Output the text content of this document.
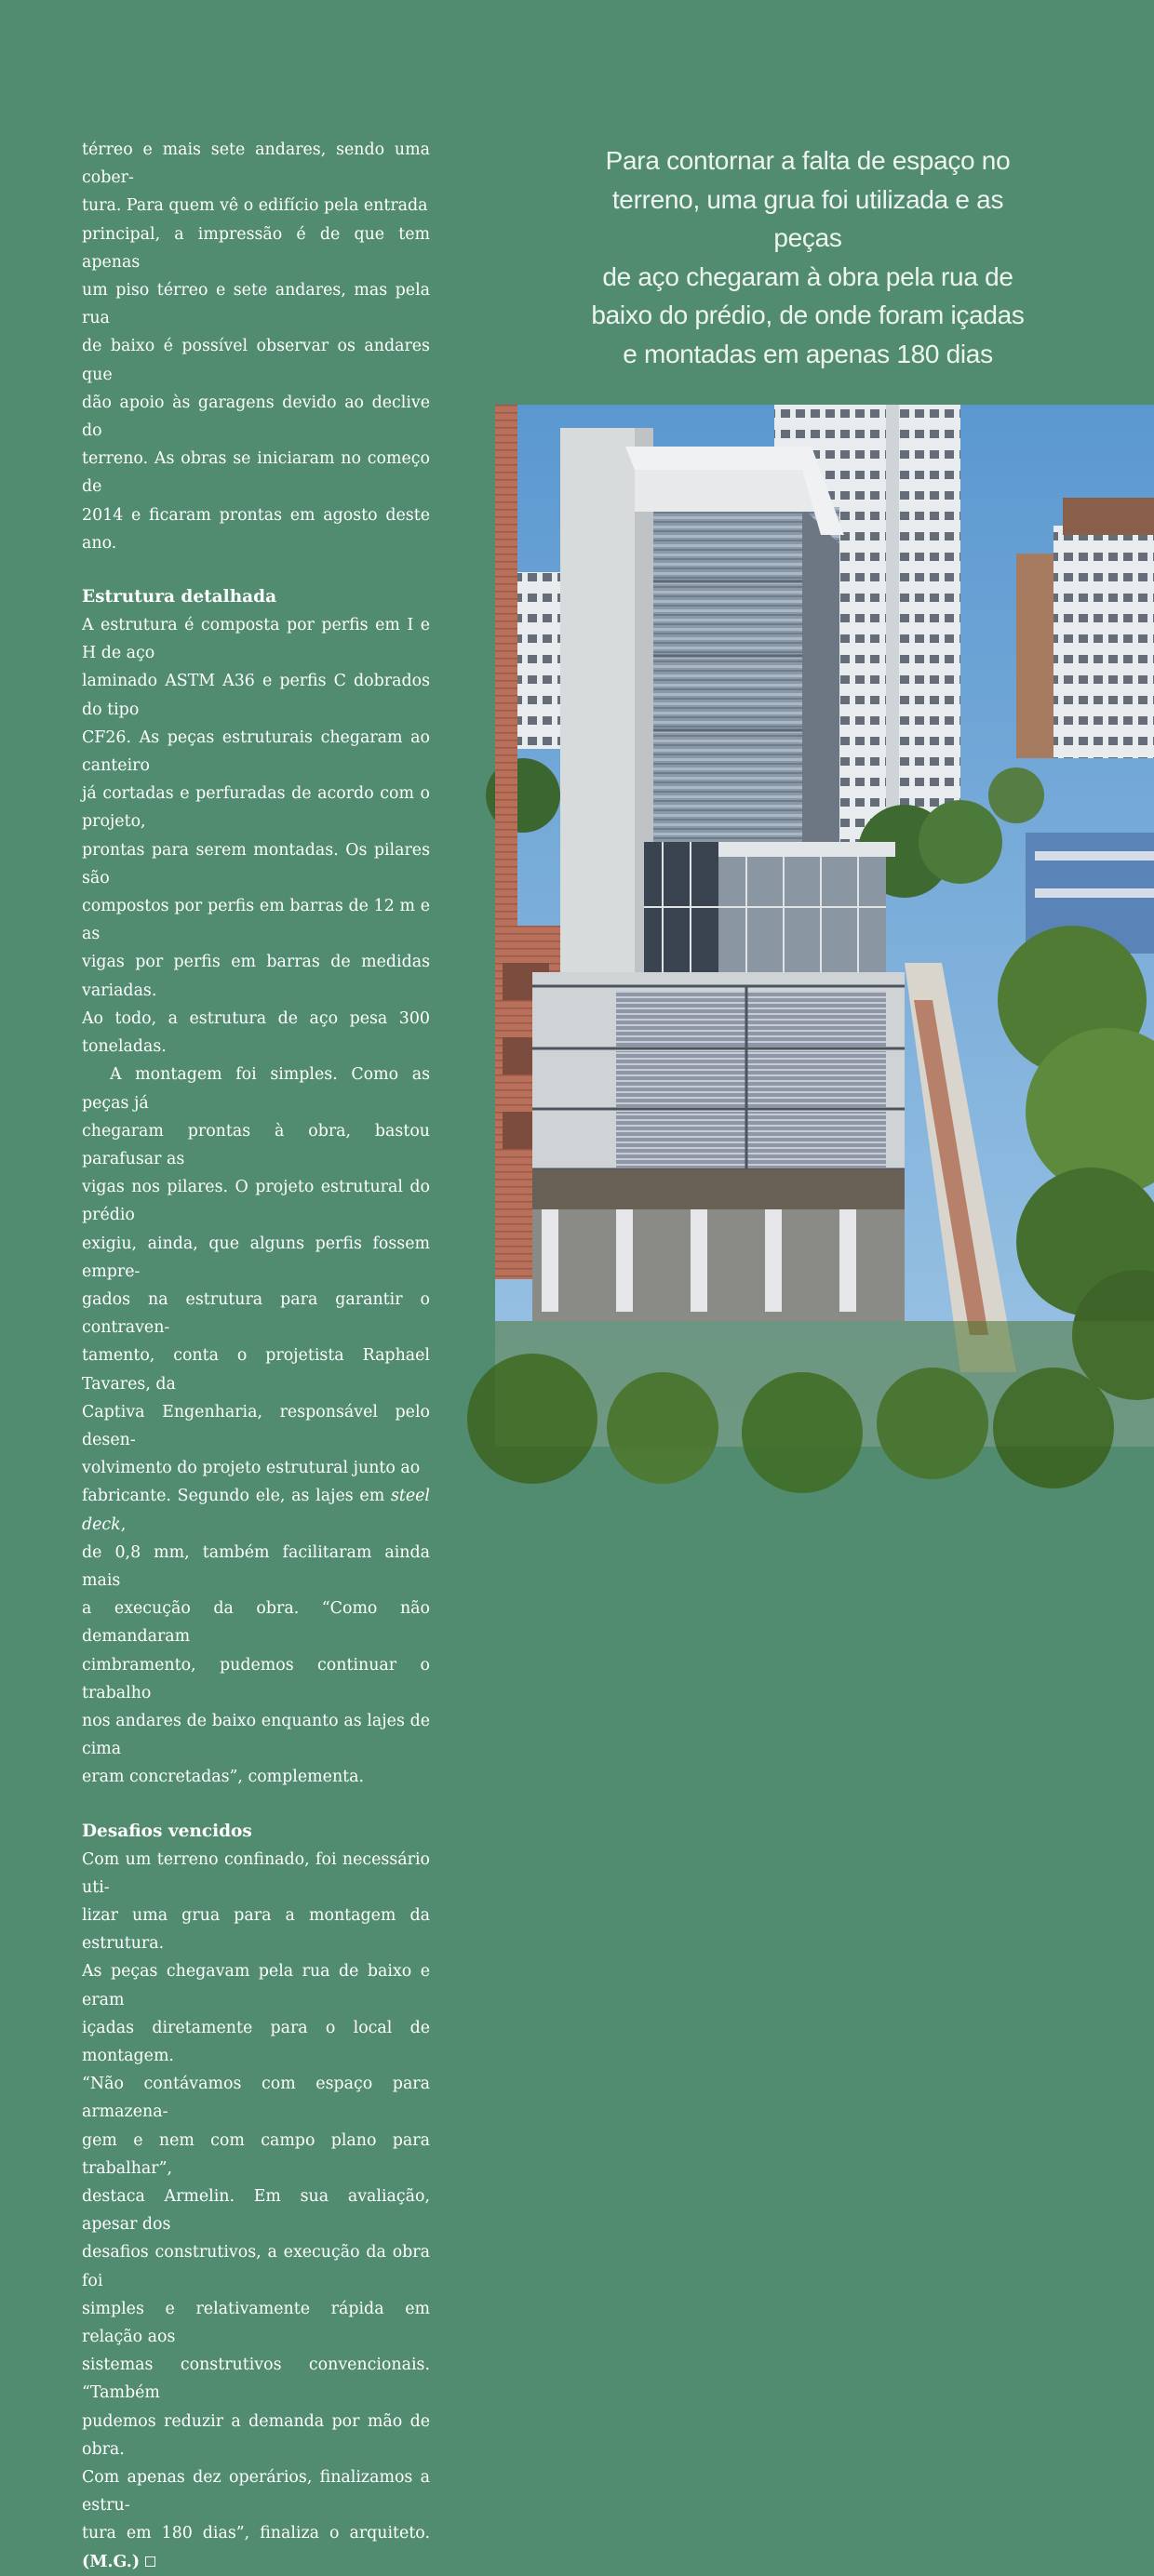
térreo e mais sete andares, sendo uma cober-
tura. Para quem vê o edifício pela entrada
principal, a impressão é de que tem apenas
um piso térreo e sete andares, mas pela rua
de baixo é possível observar os andares que
dão apoio às garagens devido ao declive do
terreno. As obras se iniciaram no começo de
2014 e ficaram prontas em agosto deste ano.

Estrutura detalhada

A estrutura é composta por perfis em I e H de aço
laminado ASTM A36 e perfis C dobrados do tipo
CF26. As peças estruturais chegaram ao canteiro
já cortadas e perfuradas de acordo com o projeto,
prontas para serem montadas. Os pilares são
compostos por perfis em barras de 12 m e as
vigas por perfis em barras de medidas variadas.
Ao todo, a estrutura de aço pesa 300 toneladas.

A montagem foi simples. Como as peças já
chegaram prontas à obra, bastou parafusar as
vigas nos pilares. O projeto estrutural do prédio
exigiu, ainda, que alguns perfis fossem empre-
gados na estrutura para garantir o contraven-
tamento, conta o projetista Raphael Tavares, da
Captiva Engenharia, responsável pelo desen-
volvimento do projeto estrutural junto ao
fabricante. Segundo ele, as lajes em steel deck,
de 0,8 mm, também facilitaram ainda mais
a execução da obra. “Como não demandaram
cimbramento, pudemos continuar o trabalho
nos andares de baixo enquanto as lajes de cima
eram concretadas”, complementa.

Desafios vencidos

Com um terreno confinado, foi necessário uti-
lizar uma grua para a montagem da estrutura.
As peças chegavam pela rua de baixo e eram
içadas diretamente para o local de montagem.
“Não contávamos com espaço para armazena-
gem e nem com campo plano para trabalhar”,
destaca Armelin. Em sua avaliação, apesar dos
desafios construtivos, a execução da obra foi
simples e relativamente rápida em relação aos
sistemas construtivos convencionais. “Também
pudemos reduzir a demanda por mão de obra.
Com apenas dez operários, finalizamos a estru-
tura em 180 dias”, finaliza o arquiteto. (M.G.)

Para contornar a falta de espaço no
terreno, uma grua foi utilizada e as peças
de aço chegaram à obra pela rua de
baixo do prédio, de onde foram içadas
e montadas em apenas 180 dias
